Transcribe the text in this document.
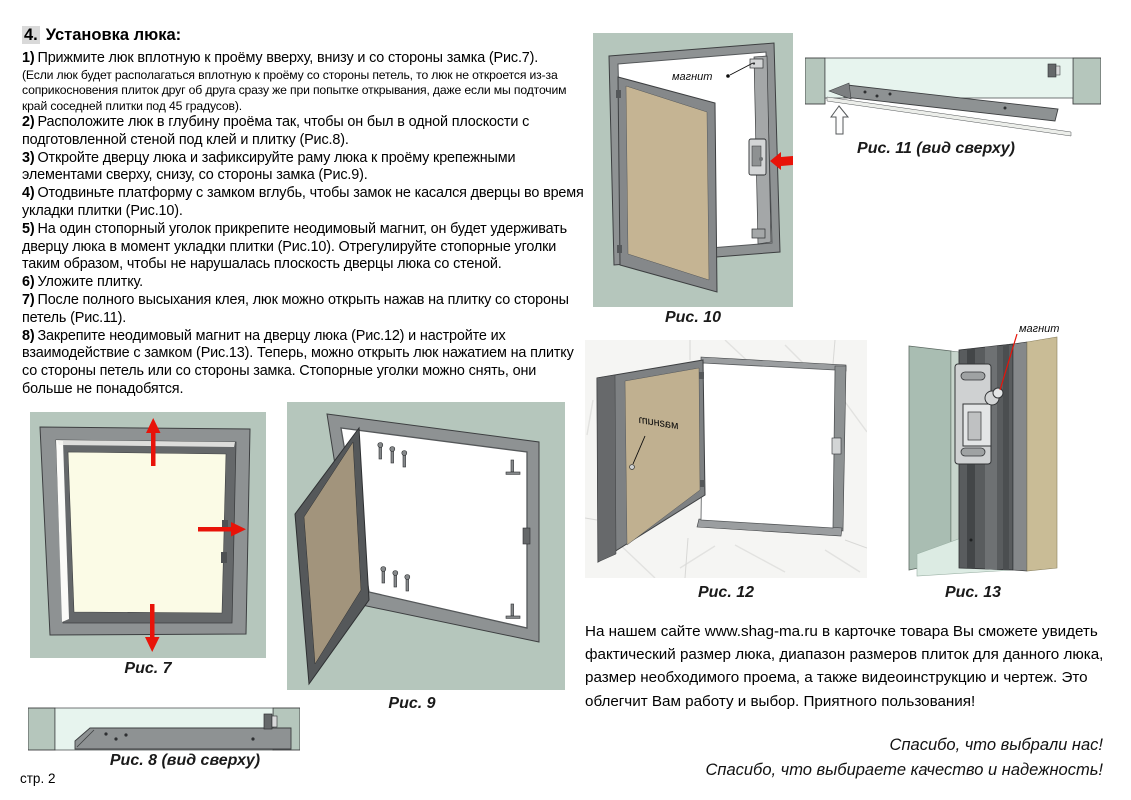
4. Установка люка:
1) Прижмите люк вплотную к проёму вверху, внизу и со стороны замка (Рис.7).
(Если люк будет располагаться вплотную к проёму со стороны петель, то люк не откроется из-за соприкосновения плиток друг об друга сразу же при попытке открывания, даже если мы подточим край соседней плитки под 45 градусов).
2) Расположите люк в глубину проёма так, чтобы он был в одной плоскости с подготовленной стеной под клей и плитку (Рис.8).
3) Откройте дверцу люка и зафиксируйте раму люка к проёму крепежными элементами сверху, снизу, со стороны замка (Рис.9).
4) Отодвиньте платформу с замком вглубь, чтобы замок не касался дверцы во время укладки плитки (Рис.10).
5) На один стопорный уголок прикрепите неодимовый магнит, он будет удерживать дверцу люка в момент укладки плитки (Рис.10). Отрегулируйте стопорные уголки таким образом, чтобы не нарушалась плоскость дверцы люка со стеной.
6) Уложите плитку.
7) После полного высыхания клея, люк можно открыть нажав на плитку со стороны петель (Рис.11).
8) Закрепите неодимовый магнит на дверцу люка (Рис.12) и настройте их взаимодействие с замком (Рис.13). Теперь, можно открыть люк нажатием на плитку со стороны петель или со стороны замка. Стопорные уголки можно снять, они больше не понадобятся.
Рис. 7
Рис. 8 (вид сверху)
Рис. 9
магнит
Рис. 10
Рис. 11 (вид сверху)
магнит
Рис. 12
магнит
Рис. 13
На нашем сайте www.shag-ma.ru в карточке товара Вы сможете увидеть фактический размер люка, диапазон размеров плиток для данного люка, размер необходимого проема, а также видеоинструкцию и чертеж. Это облегчит Вам работу и выбор. Приятного пользования!
Спасибо, что выбрали нас!
Спасибо, что выбираете качество и надежность!
стр. 2
